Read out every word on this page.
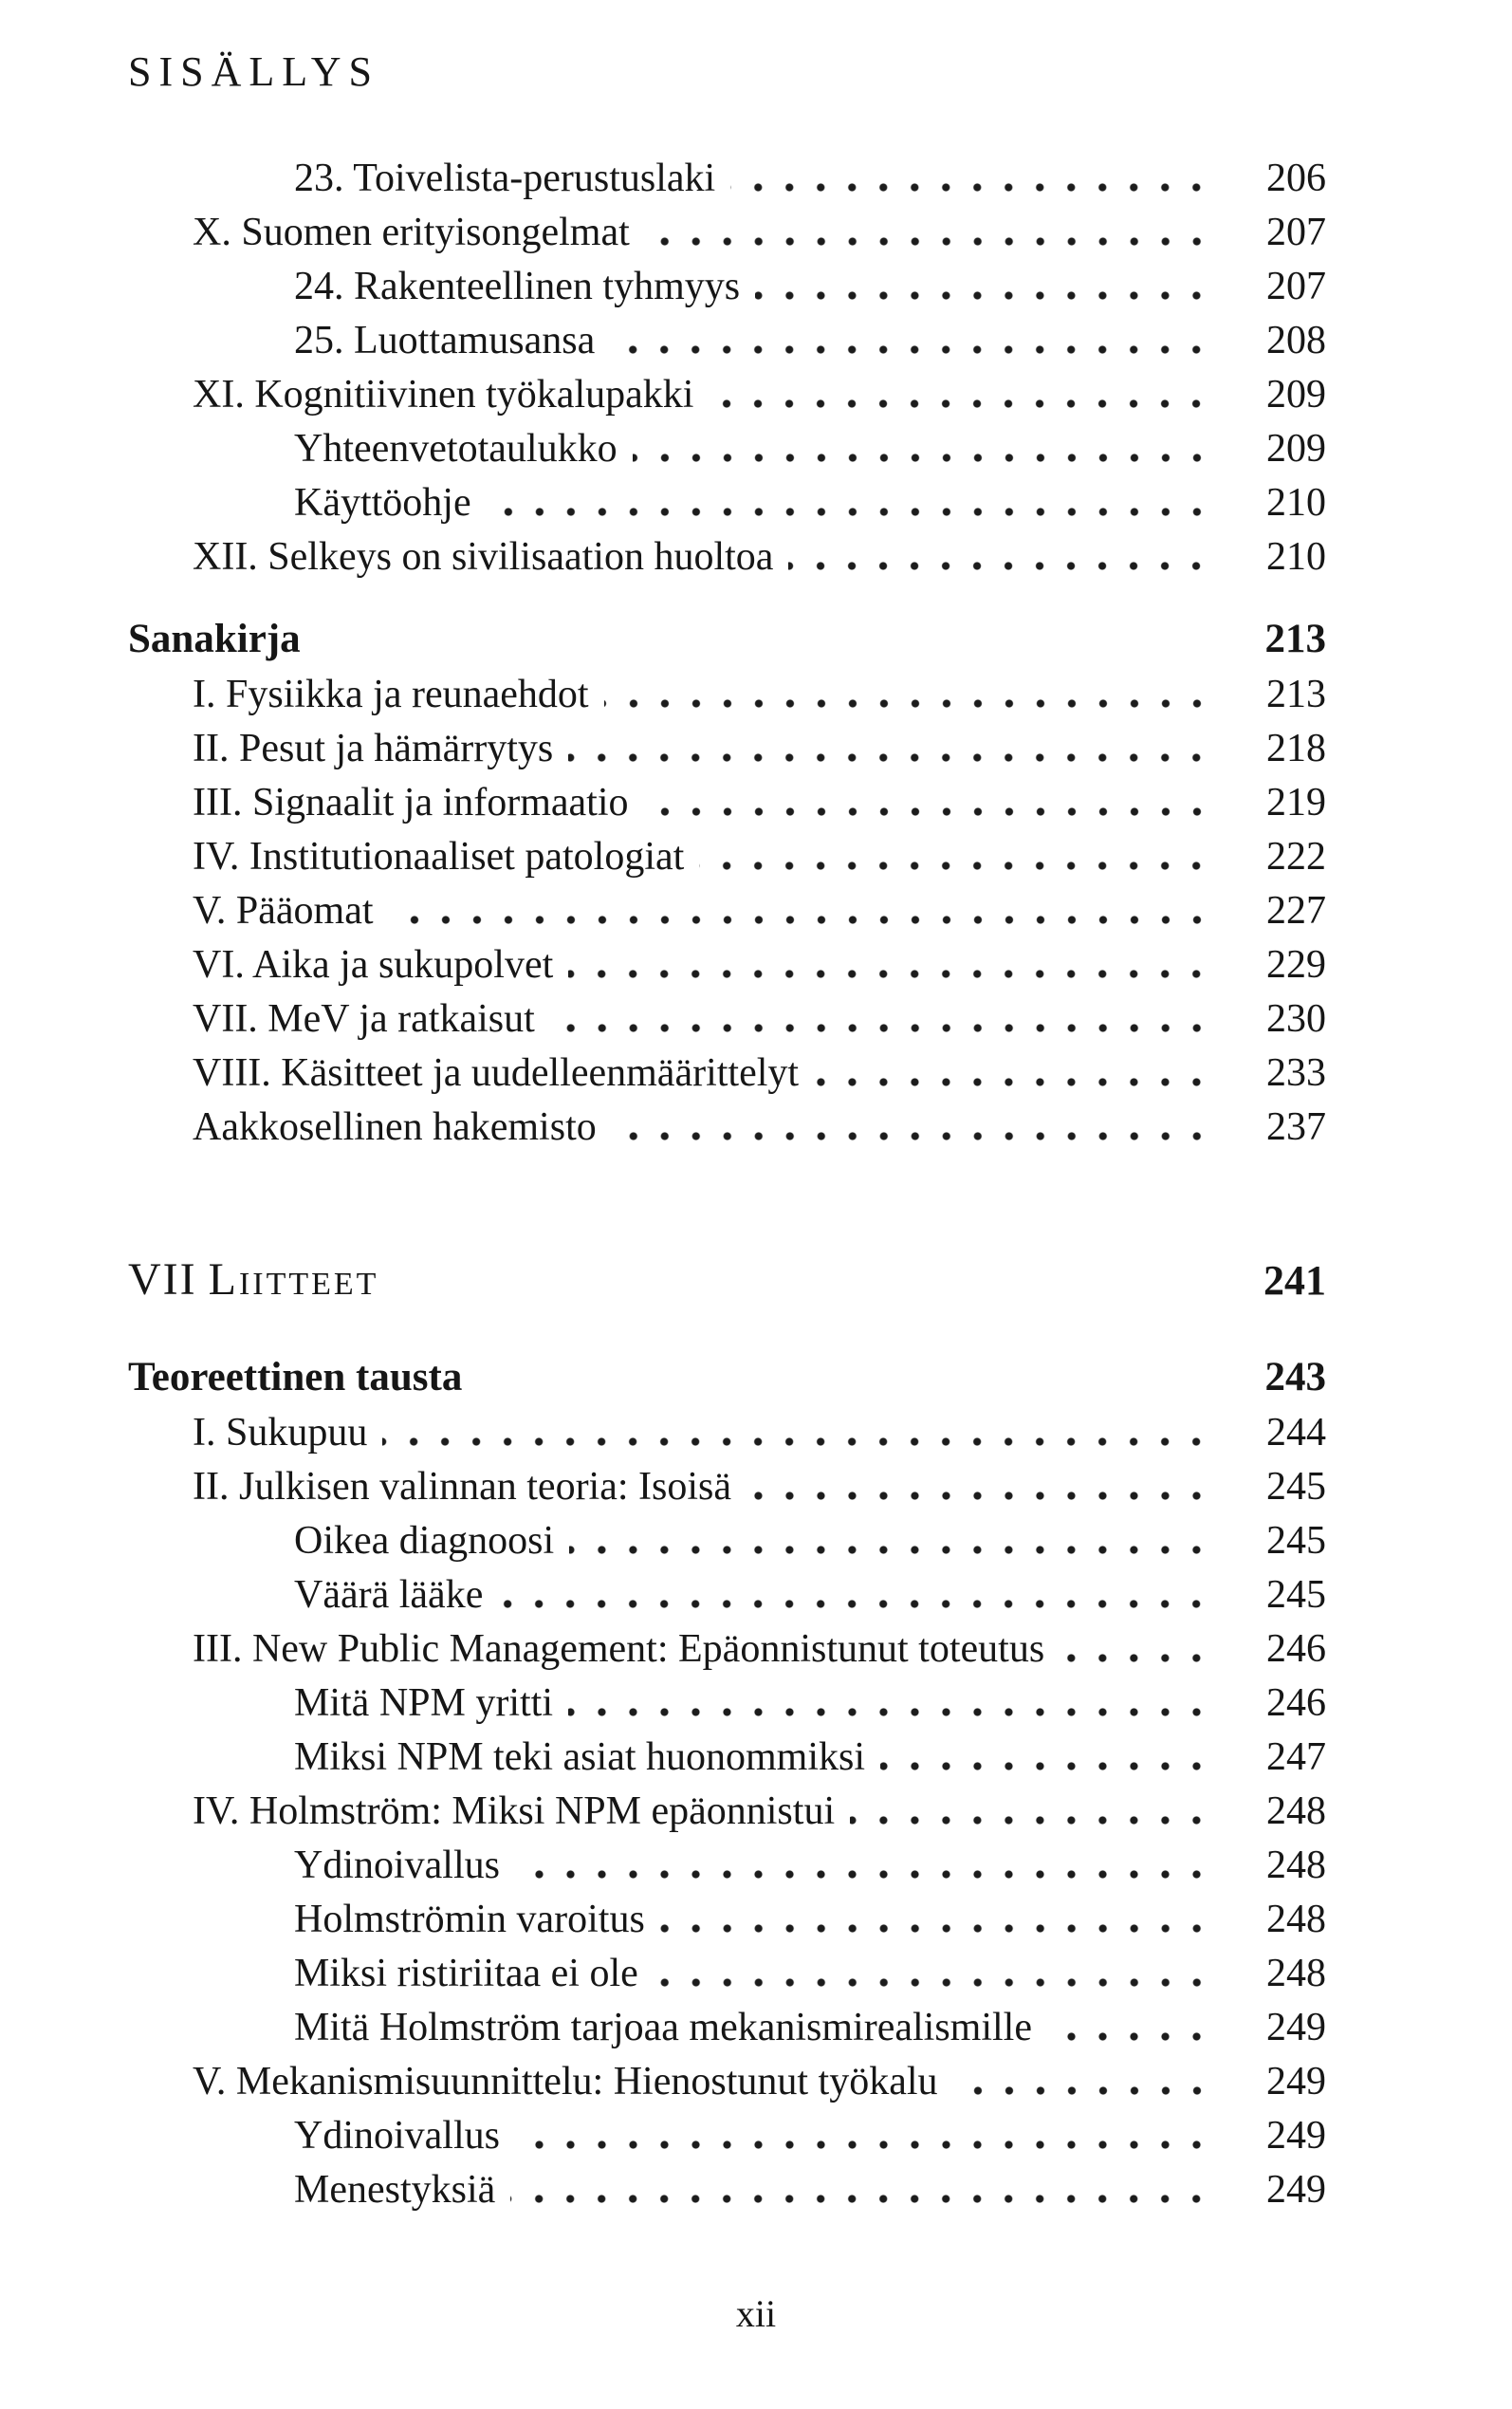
SISÄLLYS
23. Toivelista-perustuslaki	206
X. Suomen erityisongelmat	207
24. Rakenteellinen tyhmyys	207
25. Luottamusansa	208
XI. Kognitiivinen työkalupakki	209
Yhteenvetotaulukko	209
Käyttöohje	210
XII. Selkeys on sivilisaation huoltoa	210
Sanakirja	213
I. Fysiikka ja reunaehdot	213
II. Pesut ja hämärrytys	218
III. Signaalit ja informaatio	219
IV. Institutionaaliset patologiat	222
V. Pääomat	227
VI. Aika ja sukupolvet	229
VII. MeV ja ratkaisut	230
VIII. Käsitteet ja uudelleenmäärittelyt	233
Aakkosellinen hakemisto	237
VII Liitteet	241
Teoreettinen tausta	243
I. Sukupuu	244
II. Julkisen valinnan teoria: Isoisä	245
Oikea diagnoosi	245
Väärä lääke	245
III. New Public Management: Epäonnistunut toteutus	246
Mitä NPM yritti	246
Miksi NPM teki asiat huonommiksi	247
IV. Holmström: Miksi NPM epäonnistui	248
Ydinoivallus	248
Holmströmin varoitus	248
Miksi ristiriitaa ei ole	248
Mitä Holmström tarjoaa mekanismirealismille	249
V. Mekanismisuunnittelu: Hienostunut työkalu	249
Ydinoivallus	249
Menestyksiä	249
xii
